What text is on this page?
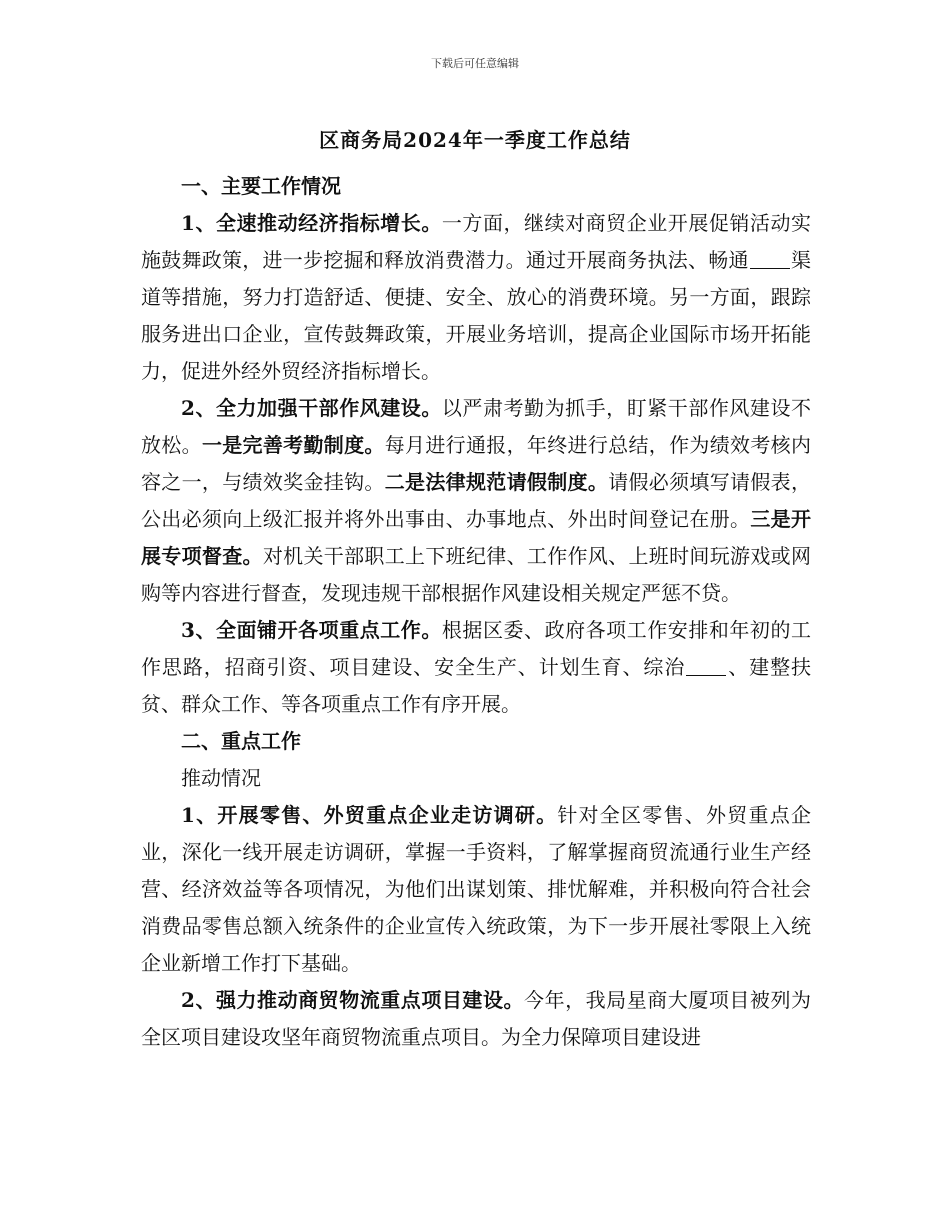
下载后可任意编辑
区商务局2024年一季度工作总结

一、主要工作情况

1、全速推动经济指标增长。一方面，继续对商贸企业开展促销活动实施鼓舞政策，进一步挖掘和释放消费潜力。通过开展商务执法、畅通 渠道等措施，努力打造舒适、便捷、安全、放心的消费环境。另一方面，跟踪服务进出口企业，宣传鼓舞政策，开展业务培训，提高企业国际市场开拓能力，促进外经外贸经济指标增长。

2、全力加强干部作风建设。以严肃考勤为抓手，盯紧干部作风建设不放松。一是完善考勤制度。每月进行通报，年终进行总结，作为绩效考核内容之一，与绩效奖金挂钩。二是法律规范请假制度。请假必须填写请假表，公出必须向上级汇报并将外出事由、办事地点、外出时间登记在册。三是开展专项督查。对机关干部职工上下班纪律、工作作风、上班时间玩游戏或网购等内容进行督查，发现违规干部根据作风建设相关规定严惩不贷。

3、全面铺开各项重点工作。根据区委、政府各项工作安排和年初的工作思路，招商引资、项目建设、安全生产、计划生育、综治 、建整扶贫、群众工作、等各项重点工作有序开展。

二、重点工作

推动情况

1、开展零售、外贸重点企业走访调研。针对全区零售、外贸重点企业，深化一线开展走访调研，掌握一手资料，了解掌握商贸流通行业生产经营、经济效益等各项情况，为他们出谋划策、排忧解难，并积极向符合社会消费品零售总额入统条件的企业宣传入统政策，为下一步开展社零限上入统企业新增工作打下基础。

2、强力推动商贸物流重点项目建设。今年，我局星商大厦项目被列为全区项目建设攻坚年商贸物流重点项目。为全力保障项目建设进
